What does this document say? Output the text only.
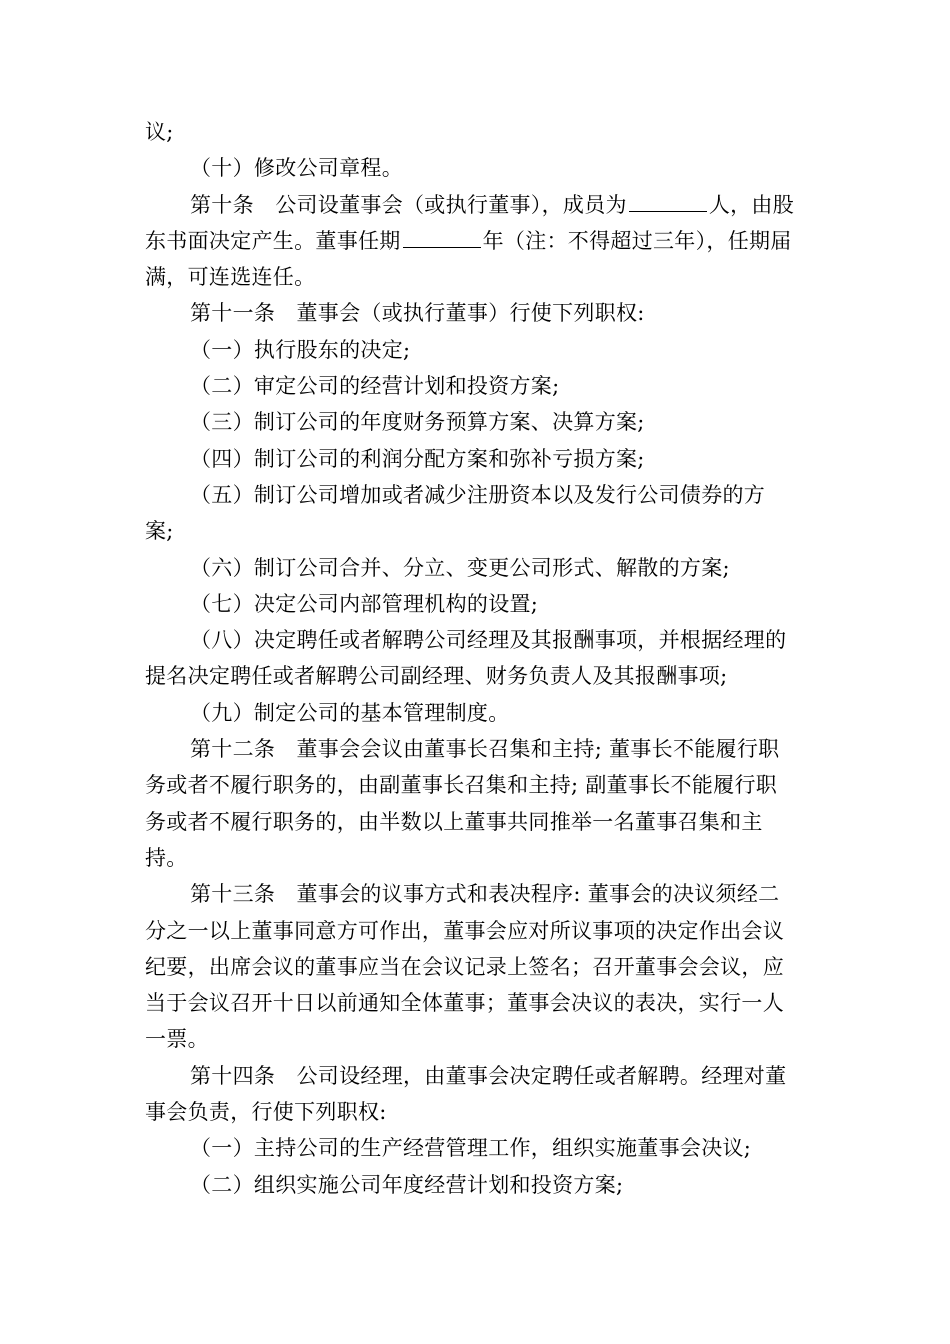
议;
（十）修改公司章程。
第十条　公司设董事会（或执行董事），成员为	人，由股
东书面决定产生。董事任期	年（注：不得超过三年），任期届
满，可连选连任。
第十一条　董事会（或执行董事）行使下列职权:
（一）执行股东的决定;
（二）审定公司的经营计划和投资方案;
（三）制订公司的年度财务预算方案、决算方案;
（四）制订公司的利润分配方案和弥补亏损方案;
（五）制订公司增加或者减少注册资本以及发行公司债券的方
案;
（六）制订公司合并、分立、变更公司形式、解散的方案;
（七）决定公司内部管理机构的设置;
（八）决定聘任或者解聘公司经理及其报酬事项，并根据经理的
提名决定聘任或者解聘公司副经理、财务负责人及其报酬事项;
（九）制定公司的基本管理制度。
第十二条　董事会会议由董事长召集和主持; 董事长不能履行职
务或者不履行职务的，由副董事长召集和主持; 副董事长不能履行职
务或者不履行职务的，由半数以上董事共同推举一名董事召集和主
持。
第十三条　董事会的议事方式和表决程序: 董事会的决议须经二
分之一以上董事同意方可作出，董事会应对所议事项的决定作出会议
纪要，出席会议的董事应当在会议记录上签名；召开董事会会议，应
当于会议召开十日以前通知全体董事；董事会决议的表决，实行一人
一票。
第十四条　公司设经理，由董事会决定聘任或者解聘。经理对董
事会负责，行使下列职权:
（一）主持公司的生产经营管理工作，组织实施董事会决议;
（二）组织实施公司年度经营计划和投资方案;
